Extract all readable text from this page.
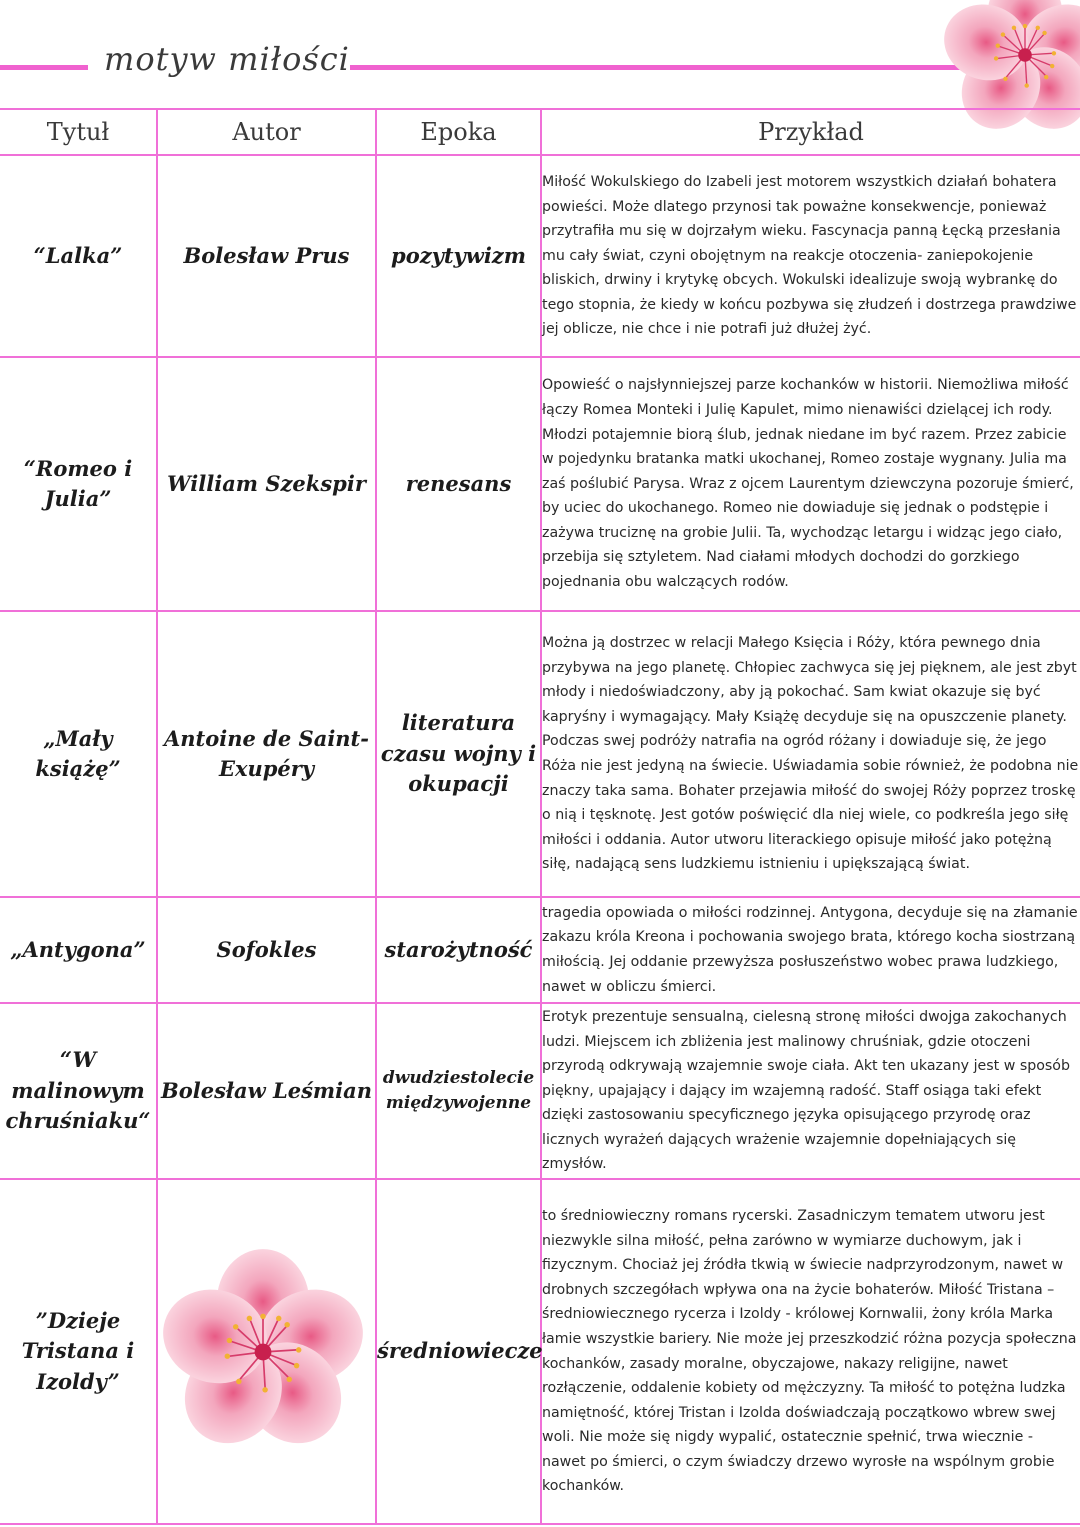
motyw miłości
Tytuł	Autor	Epoka	Przykład
“Lalka”	Bolesław Prus	pozytywizm	Miłość Wokulskiego do Izabeli jest motorem wszystkich działań bohatera powieści. Może dlatego przynosi tak poważne konsekwencje, ponieważ przytrafiła mu się w dojrzałym wieku. Fascynacja panną Łęcką przesłania mu cały świat, czyni obojętnym na reakcje otoczenia- zaniepokojenie bliskich, drwiny i krytykę obcych. Wokulski idealizuje swoją wybrankę do tego stopnia, że kiedy w końcu pozbywa się złudzeń i dostrzega prawdziwe jej oblicze, nie chce i nie potrafi już dłużej żyć.
“Romeo i Julia”	William Szekspir	renesans	Opowieść o najsłynniejszej parze kochanków w historii. Niemożliwa miłość łączy Romea Monteki i Julię Kapulet, mimo nienawiści dzielącej ich rody. Młodzi potajemnie biorą ślub, jednak niedane im być razem. Przez zabicie w pojedynku bratanka matki ukochanej, Romeo zostaje wygnany. Julia ma zaś poślubić Parysa. Wraz z ojcem Laurentym dziewczyna pozoruje śmierć, by uciec do ukochanego. Romeo nie dowiaduje się jednak o podstępie i zażywa truciznę na grobie Julii. Ta, wychodząc letargu i widząc jego ciało, przebija się sztyletem. Nad ciałami młodych dochodzi do gorzkiego pojednania obu walczących rodów.
„Mały książę”	Antoine de Saint-Exupéry	literatura czasu wojny i okupacji	Można ją dostrzec w relacji Małego Księcia i Róży, która pewnego dnia przybywa na jego planetę. Chłopiec zachwyca się jej pięknem, ale jest zbyt młody i niedoświadczony, aby ją pokochać. Sam kwiat okazuje się być kapryśny i wymagający. Mały Książę decyduje się na opuszczenie planety. Podczas swej podróży natrafia na ogród różany i dowiaduje się, że jego Róża nie jest jedyną na świecie. Uświadamia sobie również, że podobna nie znaczy taka sama. Bohater przejawia miłość do swojej Róży poprzez troskę o nią i tęsknotę. Jest gotów poświęcić dla niej wiele, co podkreśla jego siłę miłości i oddania. Autor utworu literackiego opisuje miłość jako potężną siłę, nadającą sens ludzkiemu istnieniu i upiększającą świat.
„Antygona”	Sofokles	starożytność	tragedia opowiada o miłości rodzinnej. Antygona, decyduje się na złamanie zakazu króla Kreona i pochowania swojego brata, którego kocha siostrzaną miłością. Jej oddanie przewyższa posłuszeństwo wobec prawa ludzkiego, nawet w obliczu śmierci.
“W malinowym chruśniaku“	Bolesław Leśmian	dwudziestolecie międzywojenne	Erotyk prezentuje sensualną, cielesną stronę miłości dwojga zakochanych ludzi. Miejscem ich zbliżenia jest malinowy chruśniak, gdzie otoczeni przyrodą odkrywają wzajemnie swoje ciała. Akt ten ukazany jest w sposób piękny, upajający i dający im wzajemną radość. Staff osiąga taki efekt dzięki zastosowaniu specyficznego języka opisującego przyrodę oraz licznych wyrażeń dających wrażenie wzajemnie dopełniających się zmysłów.
”Dzieje Tristana i Izoldy”		średniowiecze	to średniowieczny romans rycerski. Zasadniczym tematem utworu jest niezwykle silna miłość, pełna zarówno w wymiarze duchowym, jak i fizycznym. Chociaż jej źródła tkwią w świecie nadprzyrodzonym, nawet w drobnych szczegółach wpływa ona na życie bohaterów. Miłość Tristana – średniowiecznego rycerza i Izoldy - królowej Kornwalii, żony króla Marka łamie wszystkie bariery. Nie może jej przeszkodzić różna pozycja społeczna kochanków, zasady moralne, obyczajowe, nakazy religijne, nawet rozłączenie, oddalenie kobiety od mężczyzny. Ta miłość to potężna ludzka namiętność, której Tristan i Izolda doświadczają początkowo wbrew swej woli. Nie może się nigdy wypalić, ostatecznie spełnić, trwa wiecznie - nawet po śmierci, o czym świadczy drzewo wyrosłe na wspólnym grobie kochanków.
